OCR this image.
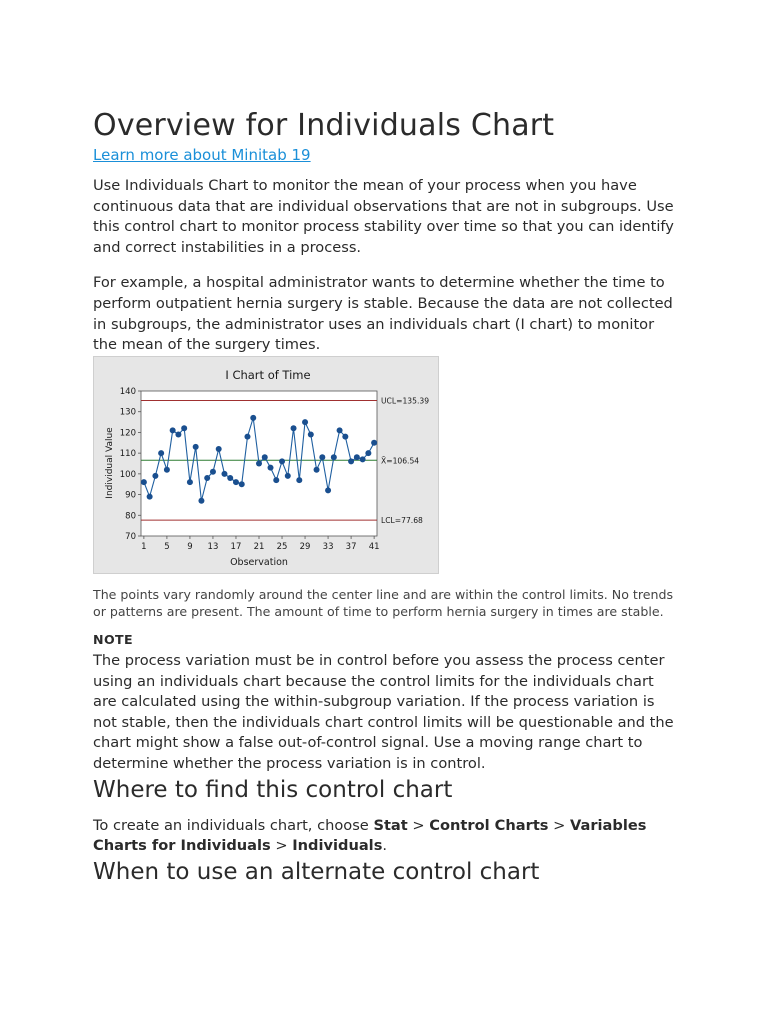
Overview for Individuals Chart
Learn more about Minitab 19

Use Individuals Chart to monitor the mean of your process when you have continuous data that are individual observations that are not in subgroups. Use this control chart to monitor process stability over time so that you can identify and correct instabilities in a process.

For example, a hospital administrator wants to determine whether the time to perform outpatient hernia surgery is stable. Because the data are not collected in subgroups, the administrator uses an individuals chart (I chart) to monitor the mean of the surgery times.

I Chart of Time
Observation
Individual Value
70
80
90
100
110
120
130
140
1 5 9 13 17 21 25 29 33 37 41
UCL=135.39
X̄=106.54
LCL=77.68

The points vary randomly around the center line and are within the control limits. No trends or patterns are present. The amount of time to perform hernia surgery in times are stable.

NOTE

The process variation must be in control before you assess the process center using an individuals chart because the control limits for the individuals chart are calculated using the within-subgroup variation. If the process variation is not stable, then the individuals chart control limits will be questionable and the chart might show a false out-of-control signal. Use a moving range chart to determine whether the process variation is in control.

Where to find this control chart

To create an individuals chart, choose Stat > Control Charts > Variables Charts for Individuals > Individuals.

When to use an alternate control chart
